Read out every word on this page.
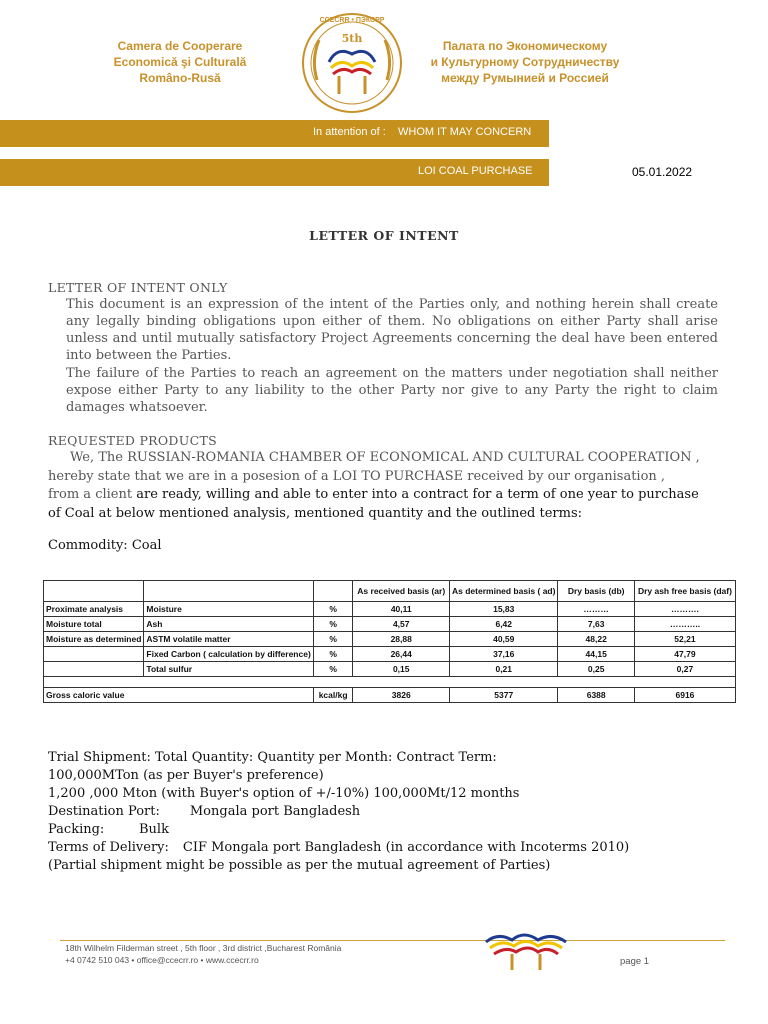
Camera de Cooperare
Economică şi Culturală
Româno-Rusă
5th
CCECRR • ПЭКСРР
Палата по Экономическому
и Культурному Сотрудничеству
между Румынией и Россией
In attention of : WHOM IT MAY CONCERN
LOI COAL PURCHASE	05.01.2022
LETTER OF INTENT
LETTER OF INTENT ONLY
This document is an expression of the intent of the Parties only, and nothing herein shall create any legally binding obligations upon either of them. No obligations on either Party shall arise unless and until mutually satisfactory Project Agreements concerning the deal have been entered into between the Parties.
The failure of the Parties to reach an agreement on the matters under negotiation shall neither expose either Party to any liability to the other Party nor give to any Party the right to claim damages whatsoever.
REQUESTED PRODUCTS
We, The RUSSIAN-ROMANIA CHAMBER OF ECONOMICAL AND CULTURAL COOPERATION ,
hereby state that we are in a posesion of a LOI TO PURCHASE received by our organisation ,
from a client are ready, willing and able to enter into a contract for a term of one year to purchase
of Coal at below mentioned analysis, mentioned quantity and the outlined terms:
Commodity: Coal
			As received basis (ar)	As determined basis ( ad)	Dry basis (db)	Dry ash free basis (daf)
Proximate analysis	Moisture	%	40,11	15,83	………	……….
Moisture total	Ash	%	4,57	6,42	7,63	………..
Moisture as determined	ASTM volatile matter	%	28,88	40,59	48,22	52,21
	Fixed Carbon ( calculation by difference)	%	26,44	37,16	44,15	47,79
	Total sulfur	%	0,15	0,21	0,25	0,27

Gross caloric value		kcal/kg	3826	5377	6388	6916
Trial Shipment: Total Quantity: Quantity per Month: Contract Term:
100,000MTon (as per Buyer's preference)
1,200 ,000 Mton (with Buyer's option of +/-10%) 100,000Mt/12 months
Destination Port: Mongala port Bangladesh
Packing:	Bulk
Terms of Delivery: CIF Mongala port Bangladesh (in accordance with Incoterms 2010)
(Partial shipment might be possible as per the mutual agreement of Parties)
18th Wilhelm Filderman street , 5th floor , 3rd district ,Bucharest România
+4 0742 510 043 • office@ccecrr.ro • www.ccecrr.ro	page 1
